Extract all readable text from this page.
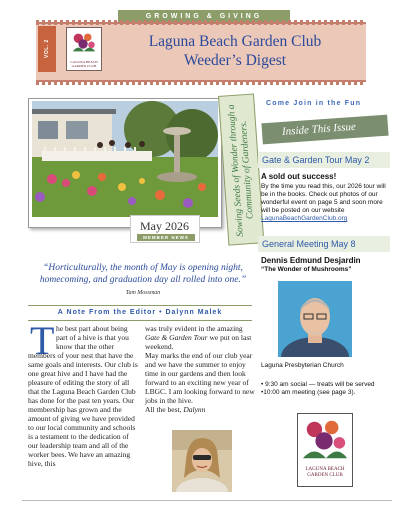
GROWING & GIVING
VOL. 2
LAGUNA BEACH GARDEN CLUB
Laguna Beach Garden Club
Weeder’s Digest
May 2026
MEMBER NEWS
Sowing Seeds of Wonder through a Community of Gardeners.
Come Join in the Fun
Inside This Issue
Gate & Garden Tour May 2
A sold out success!
By the time you read this, our 2026 tour will be in the books. Check out photos of our wonderful event on page 5 and soon more will be posted on our website LagunaBeachGardenClub.org
General Meeting May 8
Dennis Edmund Desjardin
“The Wonder of Mushrooms”
Laguna Presbyterian Church
• 9:30 am social — treats will be served •10:00 am meeting (see page 3).
LAGUNA BEACH GARDEN CLUB
“Horticulturally, the month of May is opening night, homecoming, and graduation day all rolled into one.” Tam Mossman
A Note From the Editor • Dalynn Malek
T he best part about being
part of a hive is that you
know that the other
members of your nest that have the same goals and interests. Our club is one great hive and I have had the pleasure of editing the story of all that the Laguna Beach Garden Club has done for the past ten years. Our membership has grown and the amount of giving we have provided to our local community and schools is a testament to the dedication of our leadership team and all of the worker bees. We have an amazing hive, this
was truly evident in the amazing Gate & Garden Tour we put on last weekend.
May marks the end of our club year and we have the summer to enjoy time in our gardens and then look forward to an exciting new year of LBGC. I am looking forward to new jobs in the hive.
All the best, Dalynn
